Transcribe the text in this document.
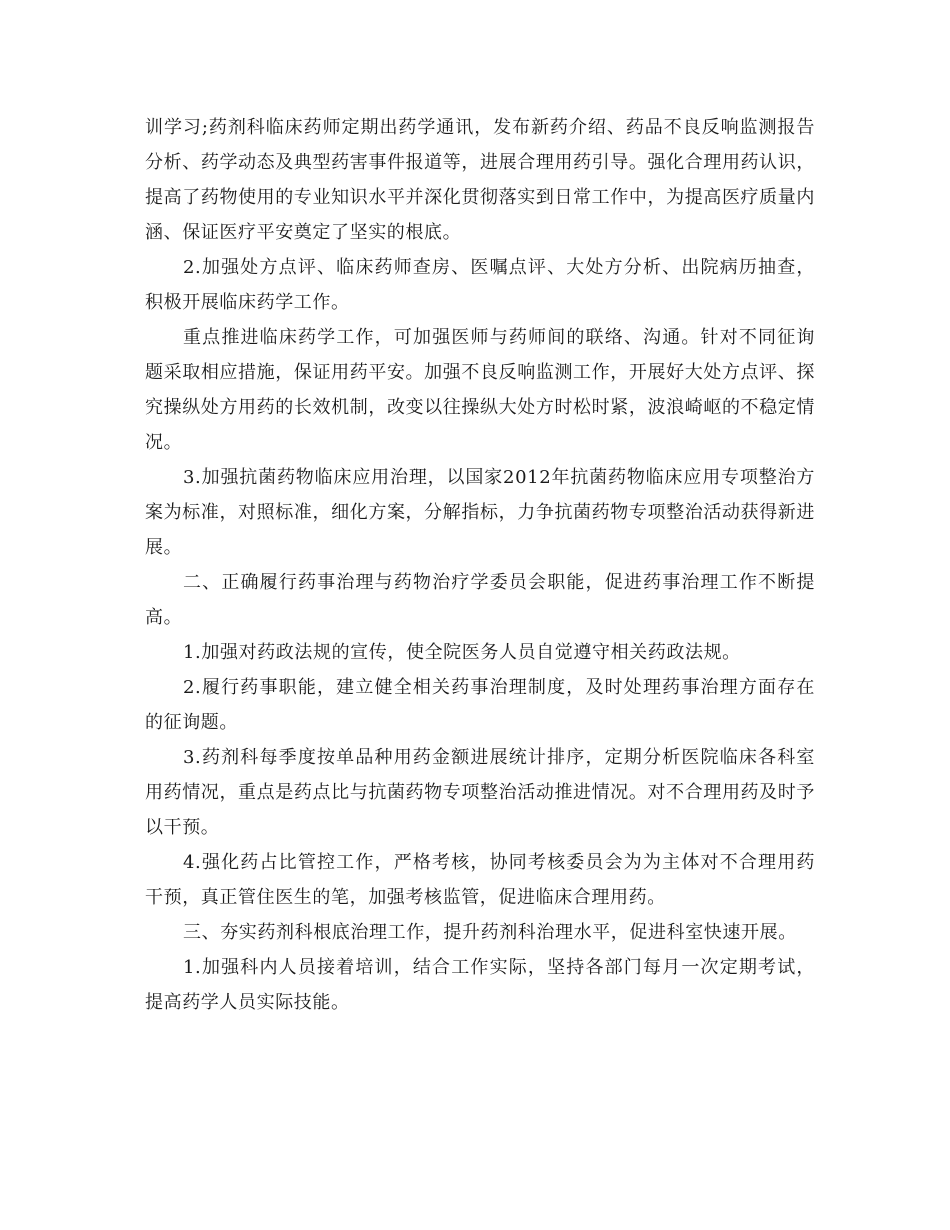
训学习;药剂科临床药师定期出药学通讯，发布新药介绍、药品不良反响监测报告分析、药学动态及典型药害事件报道等，进展合理用药引导。强化合理用药认识，提高了药物使用的专业知识水平并深化贯彻落实到日常工作中，为提高医疗质量内涵、保证医疗平安奠定了坚实的根底。

2.加强处方点评、临床药师查房、医嘱点评、大处方分析、出院病历抽查，积极开展临床药学工作。

重点推进临床药学工作，可加强医师与药师间的联络、沟通。针对不同征询题采取相应措施，保证用药平安。加强不良反响监测工作，开展好大处方点评、探究操纵处方用药的长效机制，改变以往操纵大处方时松时紧，波浪崎岖的不稳定情况。

3.加强抗菌药物临床应用治理，以国家2012年抗菌药物临床应用专项整治方案为标准，对照标准，细化方案，分解指标，力争抗菌药物专项整治活动获得新进展。

二、正确履行药事治理与药物治疗学委员会职能，促进药事治理工作不断提高。

1.加强对药政法规的宣传，使全院医务人员自觉遵守相关药政法规。

2.履行药事职能，建立健全相关药事治理制度，及时处理药事治理方面存在的征询题。

3.药剂科每季度按单品种用药金额进展统计排序，定期分析医院临床各科室用药情况，重点是药点比与抗菌药物专项整治活动推进情况。对不合理用药及时予以干预。

4.强化药占比管控工作，严格考核，协同考核委员会为为主体对不合理用药干预，真正管住医生的笔，加强考核监管，促进临床合理用药。

三、夯实药剂科根底治理工作，提升药剂科治理水平，促进科室快速开展。

1.加强科内人员接着培训，结合工作实际，坚持各部门每月一次定期考试，提高药学人员实际技能。
